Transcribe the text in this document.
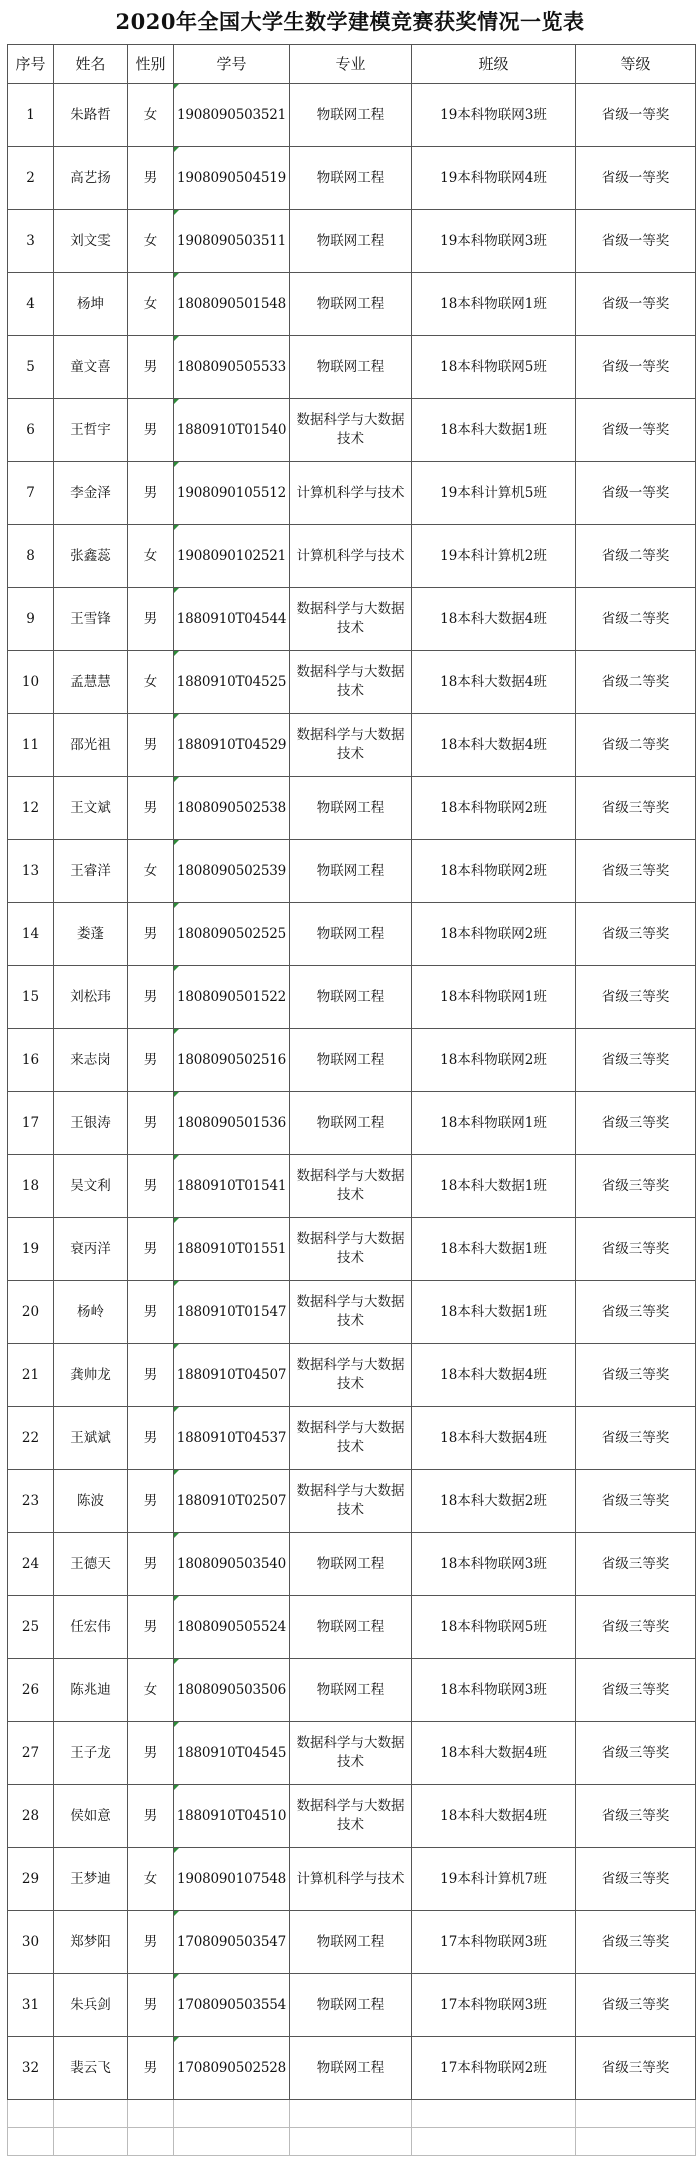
2020年全国大学生数学建模竞赛获奖情况一览表
序号	姓名	性别	学号	专业	班级	等级
1	朱路哲	女	1908090503521	物联网工程	19本科物联网3班	省级一等奖
2	高艺扬	男	1908090504519	物联网工程	19本科物联网4班	省级一等奖
3	刘文雯	女	1908090503511	物联网工程	19本科物联网3班	省级一等奖
4	杨坤	女	1808090501548	物联网工程	18本科物联网1班	省级一等奖
5	童文喜	男	1808090505533	物联网工程	18本科物联网5班	省级一等奖
6	王哲宇	男	1880910T01540	数据科学与大数据技术	18本科大数据1班	省级一等奖
7	李金泽	男	1908090105512	计算机科学与技术	19本科计算机5班	省级一等奖
8	张鑫蕊	女	1908090102521	计算机科学与技术	19本科计算机2班	省级二等奖
9	王雪锋	男	1880910T04544	数据科学与大数据技术	18本科大数据4班	省级二等奖
10	孟慧慧	女	1880910T04525	数据科学与大数据技术	18本科大数据4班	省级二等奖
11	邵光祖	男	1880910T04529	数据科学与大数据技术	18本科大数据4班	省级二等奖
12	王文斌	男	1808090502538	物联网工程	18本科物联网2班	省级三等奖
13	王睿洋	女	1808090502539	物联网工程	18本科物联网2班	省级三等奖
14	娄蓬	男	1808090502525	物联网工程	18本科物联网2班	省级三等奖
15	刘松玮	男	1808090501522	物联网工程	18本科物联网1班	省级三等奖
16	来志岗	男	1808090502516	物联网工程	18本科物联网2班	省级三等奖
17	王银涛	男	1808090501536	物联网工程	18本科物联网1班	省级三等奖
18	吴文利	男	1880910T01541	数据科学与大数据技术	18本科大数据1班	省级三等奖
19	衰丙洋	男	1880910T01551	数据科学与大数据技术	18本科大数据1班	省级三等奖
20	杨岭	男	1880910T01547	数据科学与大数据技术	18本科大数据1班	省级三等奖
21	龚帅龙	男	1880910T04507	数据科学与大数据技术	18本科大数据4班	省级三等奖
22	王斌斌	男	1880910T04537	数据科学与大数据技术	18本科大数据4班	省级三等奖
23	陈波	男	1880910T02507	数据科学与大数据技术	18本科大数据2班	省级三等奖
24	王德天	男	1808090503540	物联网工程	18本科物联网3班	省级三等奖
25	任宏伟	男	1808090505524	物联网工程	18本科物联网5班	省级三等奖
26	陈兆迪	女	1808090503506	物联网工程	18本科物联网3班	省级三等奖
27	王子龙	男	1880910T04545	数据科学与大数据技术	18本科大数据4班	省级三等奖
28	侯如意	男	1880910T04510	数据科学与大数据技术	18本科大数据4班	省级三等奖
29	王梦迪	女	1908090107548	计算机科学与技术	19本科计算机7班	省级三等奖
30	郑梦阳	男	1708090503547	物联网工程	17本科物联网3班	省级三等奖
31	朱兵剑	男	1708090503554	物联网工程	17本科物联网3班	省级三等奖
32	裴云飞	男	1708090502528	物联网工程	17本科物联网2班	省级三等奖
